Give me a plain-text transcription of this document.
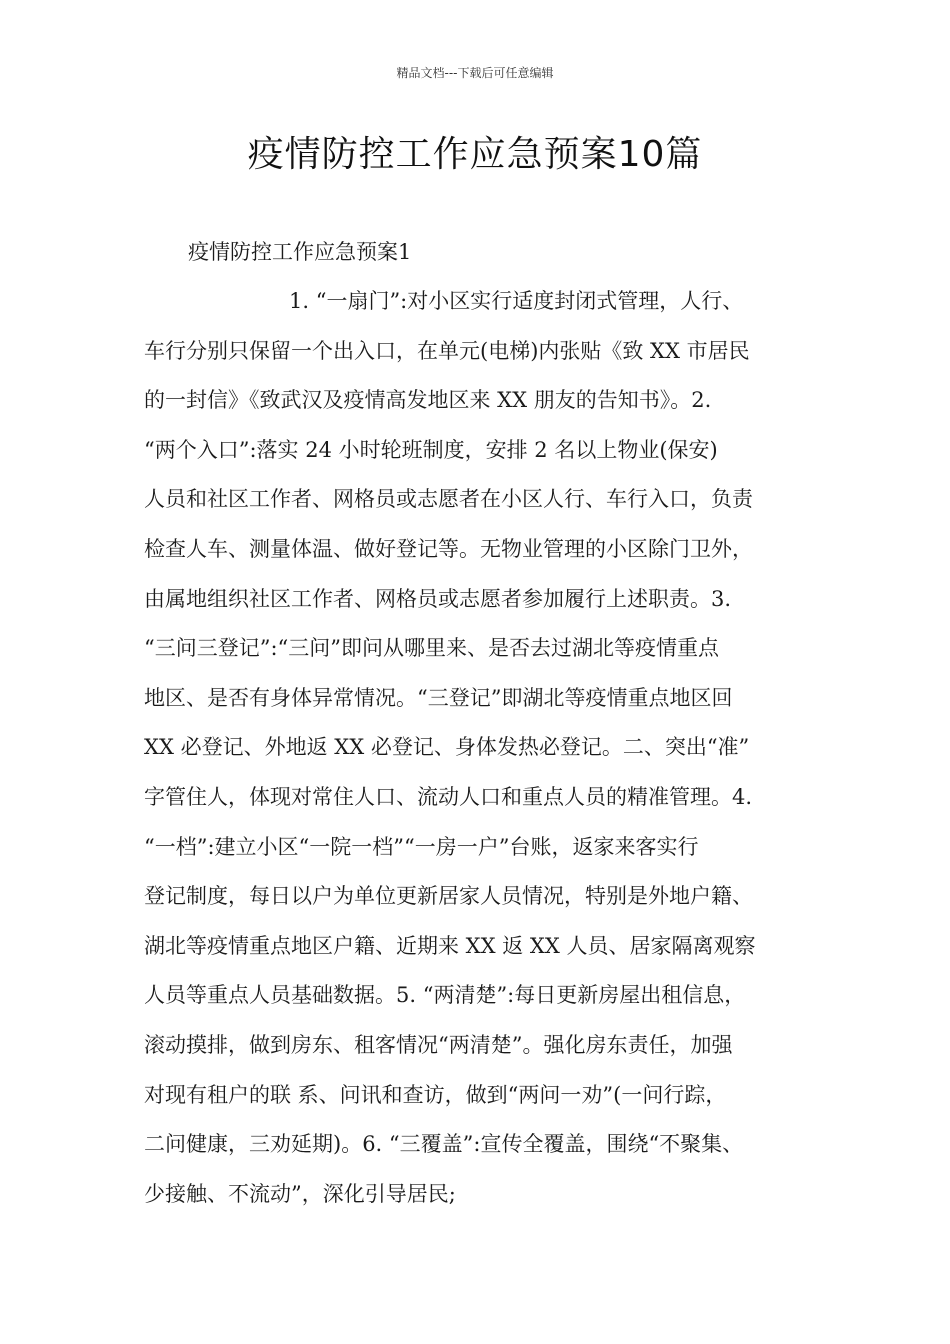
精品文档---下载后可任意编辑
疫情防控工作应急预案10篇
疫情防控工作应急预案1
1. “一扇门”:对小区实行适度封闭式管理，人行、
车行分别只保留一个出入口，在单元(电梯)内张贴《致 XX 市居民
的一封信》《致武汉及疫情高发地区来 XX 朋友的告知书》。2.
“两个入口”:落实 24 小时轮班制度，安排 2 名以上物业(保安)
人员和社区工作者、网格员或志愿者在小区人行、车行入口，负责
检查人车、测量体温、做好登记等。无物业管理的小区除门卫外，
由属地组织社区工作者、网格员或志愿者参加履行上述职责。3.
“三问三登记”:“三问”即问从哪里来、是否去过湖北等疫情重点
地区、是否有身体异常情况。“三登记”即湖北等疫情重点地区回
XX 必登记、外地返 XX 必登记、身体发热必登记。二、突出“准”
字管住人，体现对常住人口、流动人口和重点人员的精准管理。4.
“一档”:建立小区“一院一档”“一房一户”台账，返家来客实行
登记制度，每日以户为单位更新居家人员情况，特别是外地户籍、
湖北等疫情重点地区户籍、近期来 XX 返 XX 人员、居家隔离观察
人员等重点人员基础数据。5. “两清楚”:每日更新房屋出租信息，
滚动摸排，做到房东、租客情况“两清楚”。强化房东责任，加强
对现有租户的联 系、问讯和查访，做到“两问一劝”(一问行踪，
二问健康，三劝延期)。6. “三覆盖”:宣传全覆盖，围绕“不聚集、
少接触、不流动”，深化引导居民;
